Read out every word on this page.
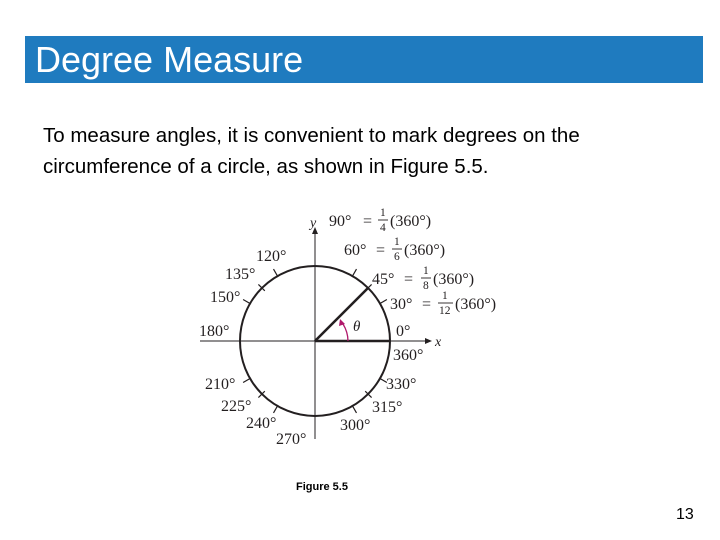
Degree Measure
To measure angles, it is convenient to mark degrees on the circumference of a circle, as shown in Figure 5.5.
x
y
θ 0°
360°
180°
150°
135°
120°
210°
225°
240°
270°
300°
315°
330°
90° = 1
4 (360°)
60° = 1
6 (360°)
45° = 1
8 (360°)
30° = 1
12 (360°)
Figure 5.5
13
